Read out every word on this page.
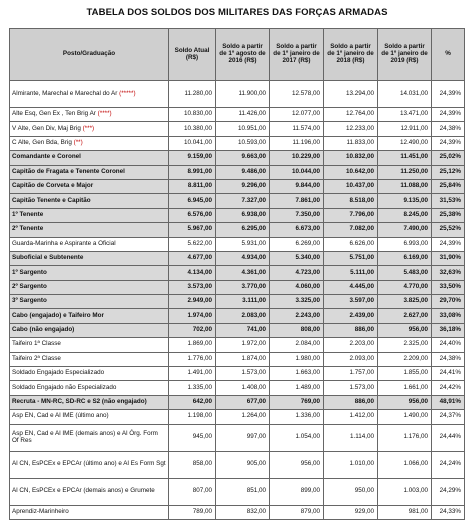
TABELA DOS SOLDOS DOS MILITARES DAS FORÇAS ARMADAS
Posto/Graduação	Soldo Atual (R$)	Soldo a partir de 1º agosto de 2016 (R$)	Soldo a partir de 1º janeiro de 2017 (R$)	Soldo a partir de 1º janeiro de 2018 (R$)	Soldo a partir de 1º janeiro de 2019 (R$)	%
Almirante, Marechal e Marechal do Ar (*****)	11.280,00	11.900,00	12.578,00	13.294,00	14.031,00	24,39%
Alte Esq, Gen Ex , Ten Brig Ar (****)	10.830,00	11.426,00	12.077,00	12.764,00	13.471,00	24,39%
V Alte, Gen Div, Maj Brig (***)	10.380,00	10.951,00	11.574,00	12.233,00	12.911,00	24,38%
C Alte, Gen Bda, Brig (**)	10.041,00	10.593,00	11.196,00	11.833,00	12.490,00	24,39%
Comandante e Coronel	9.159,00	9.663,00	10.229,00	10.832,00	11.451,00	25,02%
Capitão de Fragata e Tenente Coronel	8.991,00	9.486,00	10.044,00	10.642,00	11.250,00	25,12%
Capitão de Corveta e Major	8.811,00	9.296,00	9.844,00	10.437,00	11.088,00	25,84%
Capitão Tenente e Capitão	6.945,00	7.327,00	7.861,00	8.518,00	9.135,00	31,53%
1º Tenente	6.576,00	6.938,00	7.350,00	7.796,00	8.245,00	25,38%
2º Tenente	5.967,00	6.295,00	6.673,00	7.082,00	7.490,00	25,52%
Guarda-Marinha e Aspirante a Oficial	5.622,00	5.931,00	6.269,00	6.626,00	6.993,00	24,39%
Suboficial e Subtenente	4.677,00	4.934,00	5.340,00	5.751,00	6.169,00	31,90%
1º Sargento	4.134,00	4.361,00	4.723,00	5.111,00	5.483,00	32,63%
2º Sargento	3.573,00	3.770,00	4.060,00	4.445,00	4.770,00	33,50%
3º Sargento	2.949,00	3.111,00	3.325,00	3.597,00	3.825,00	29,70%
Cabo (engajado) e Taifeiro Mor	1.974,00	2.083,00	2.243,00	2.439,00	2.627,00	33,08%
Cabo (não engajado)	702,00	741,00	808,00	886,00	956,00	36,18%
Taifeiro 1ª Classe	1.869,00	1.972,00	2.084,00	2.203,00	2.325,00	24,40%
Taifeiro 2ª Classe	1.776,00	1.874,00	1.980,00	2.093,00	2.209,00	24,38%
Soldado Engajado Especializado	1.491,00	1.573,00	1.663,00	1.757,00	1.855,00	24,41%
Soldado Engajado não Especializado	1.335,00	1.408,00	1.489,00	1.573,00	1.661,00	24,42%
Recruta - MN-RC, SD-RC e S2 (não engajado)	642,00	677,00	769,00	886,00	956,00	48,91%
Asp EN, Cad e Al IME (último ano)	1.198,00	1.264,00	1.336,00	1.412,00	1.490,00	24,37%
Asp EN, Cad e Al IME (demais anos) e Al Órg. Form Of Res	945,00	997,00	1.054,00	1.114,00	1.176,00	24,44%
Al CN, EsPCEx e EPCAr (último ano) e Al Es Form Sgt	858,00	905,00	956,00	1.010,00	1.066,00	24,24%
Al CN, EsPCEx e EPCAr (demais anos) e Grumete	807,00	851,00	899,00	950,00	1.003,00	24,29%
Aprendiz-Marinheiro	789,00	832,00	879,00	929,00	981,00	24,33%
